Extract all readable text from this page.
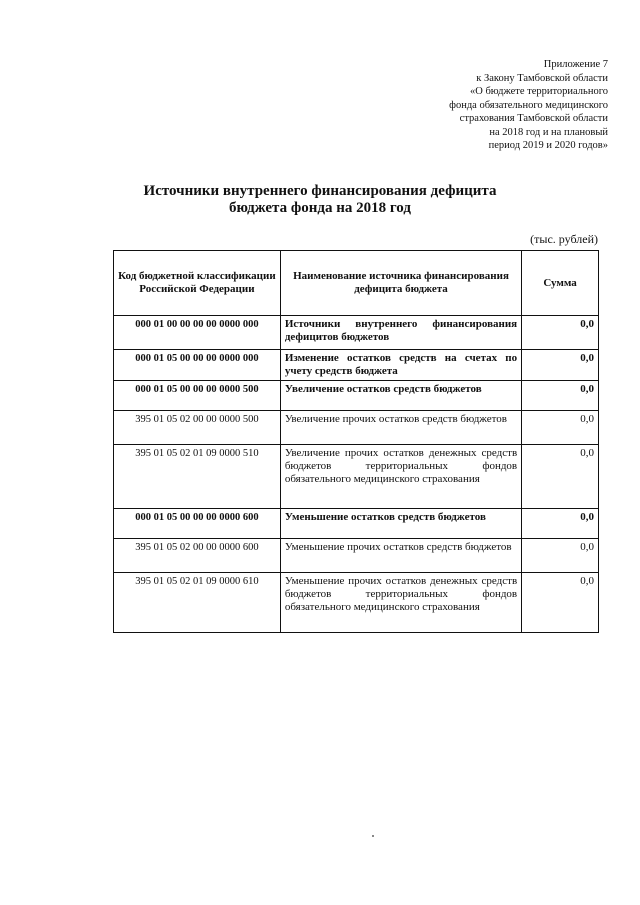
Приложение 7
к Закону Тамбовской области
«О бюджете территориального
фонда обязательного медицинского
страхования Тамбовской области
на 2018 год и на плановый
период 2019 и 2020 годов»
Источники внутреннего финансирования дефицита
бюджета фонда на 2018 год
(тыс. рублей)
Код бюджетной классификации Российской Федерации	Наименование источника финансирования дефицита бюджета	Сумма
000 01 00 00 00 00 0000 000	Источники внутреннего финансирования дефицитов бюджетов	0,0
000 01 05 00 00 00 0000 000	Изменение остатков средств на счетах по учету средств бюджета	0,0
000 01 05 00 00 00 0000 500	Увеличение остатков средств бюджетов	0,0
395 01 05 02 00 00 0000 500	Увеличение прочих остатков средств бюджетов	0,0
395 01 05 02 01 09 0000 510	Увеличение прочих остатков денежных средств бюджетов территориальных фондов обязательного медицинского страхования	0,0
000 01 05 00 00 00 0000 600	Уменьшение остатков средств бюджетов	0,0
395 01 05 02 00 00 0000 600	Уменьшение прочих остатков средств бюджетов	0,0
395 01 05 02 01 09 0000 610	Уменьшение прочих остатков денежных средств бюджетов территориальных фондов обязательного медицинского страхования	0,0
